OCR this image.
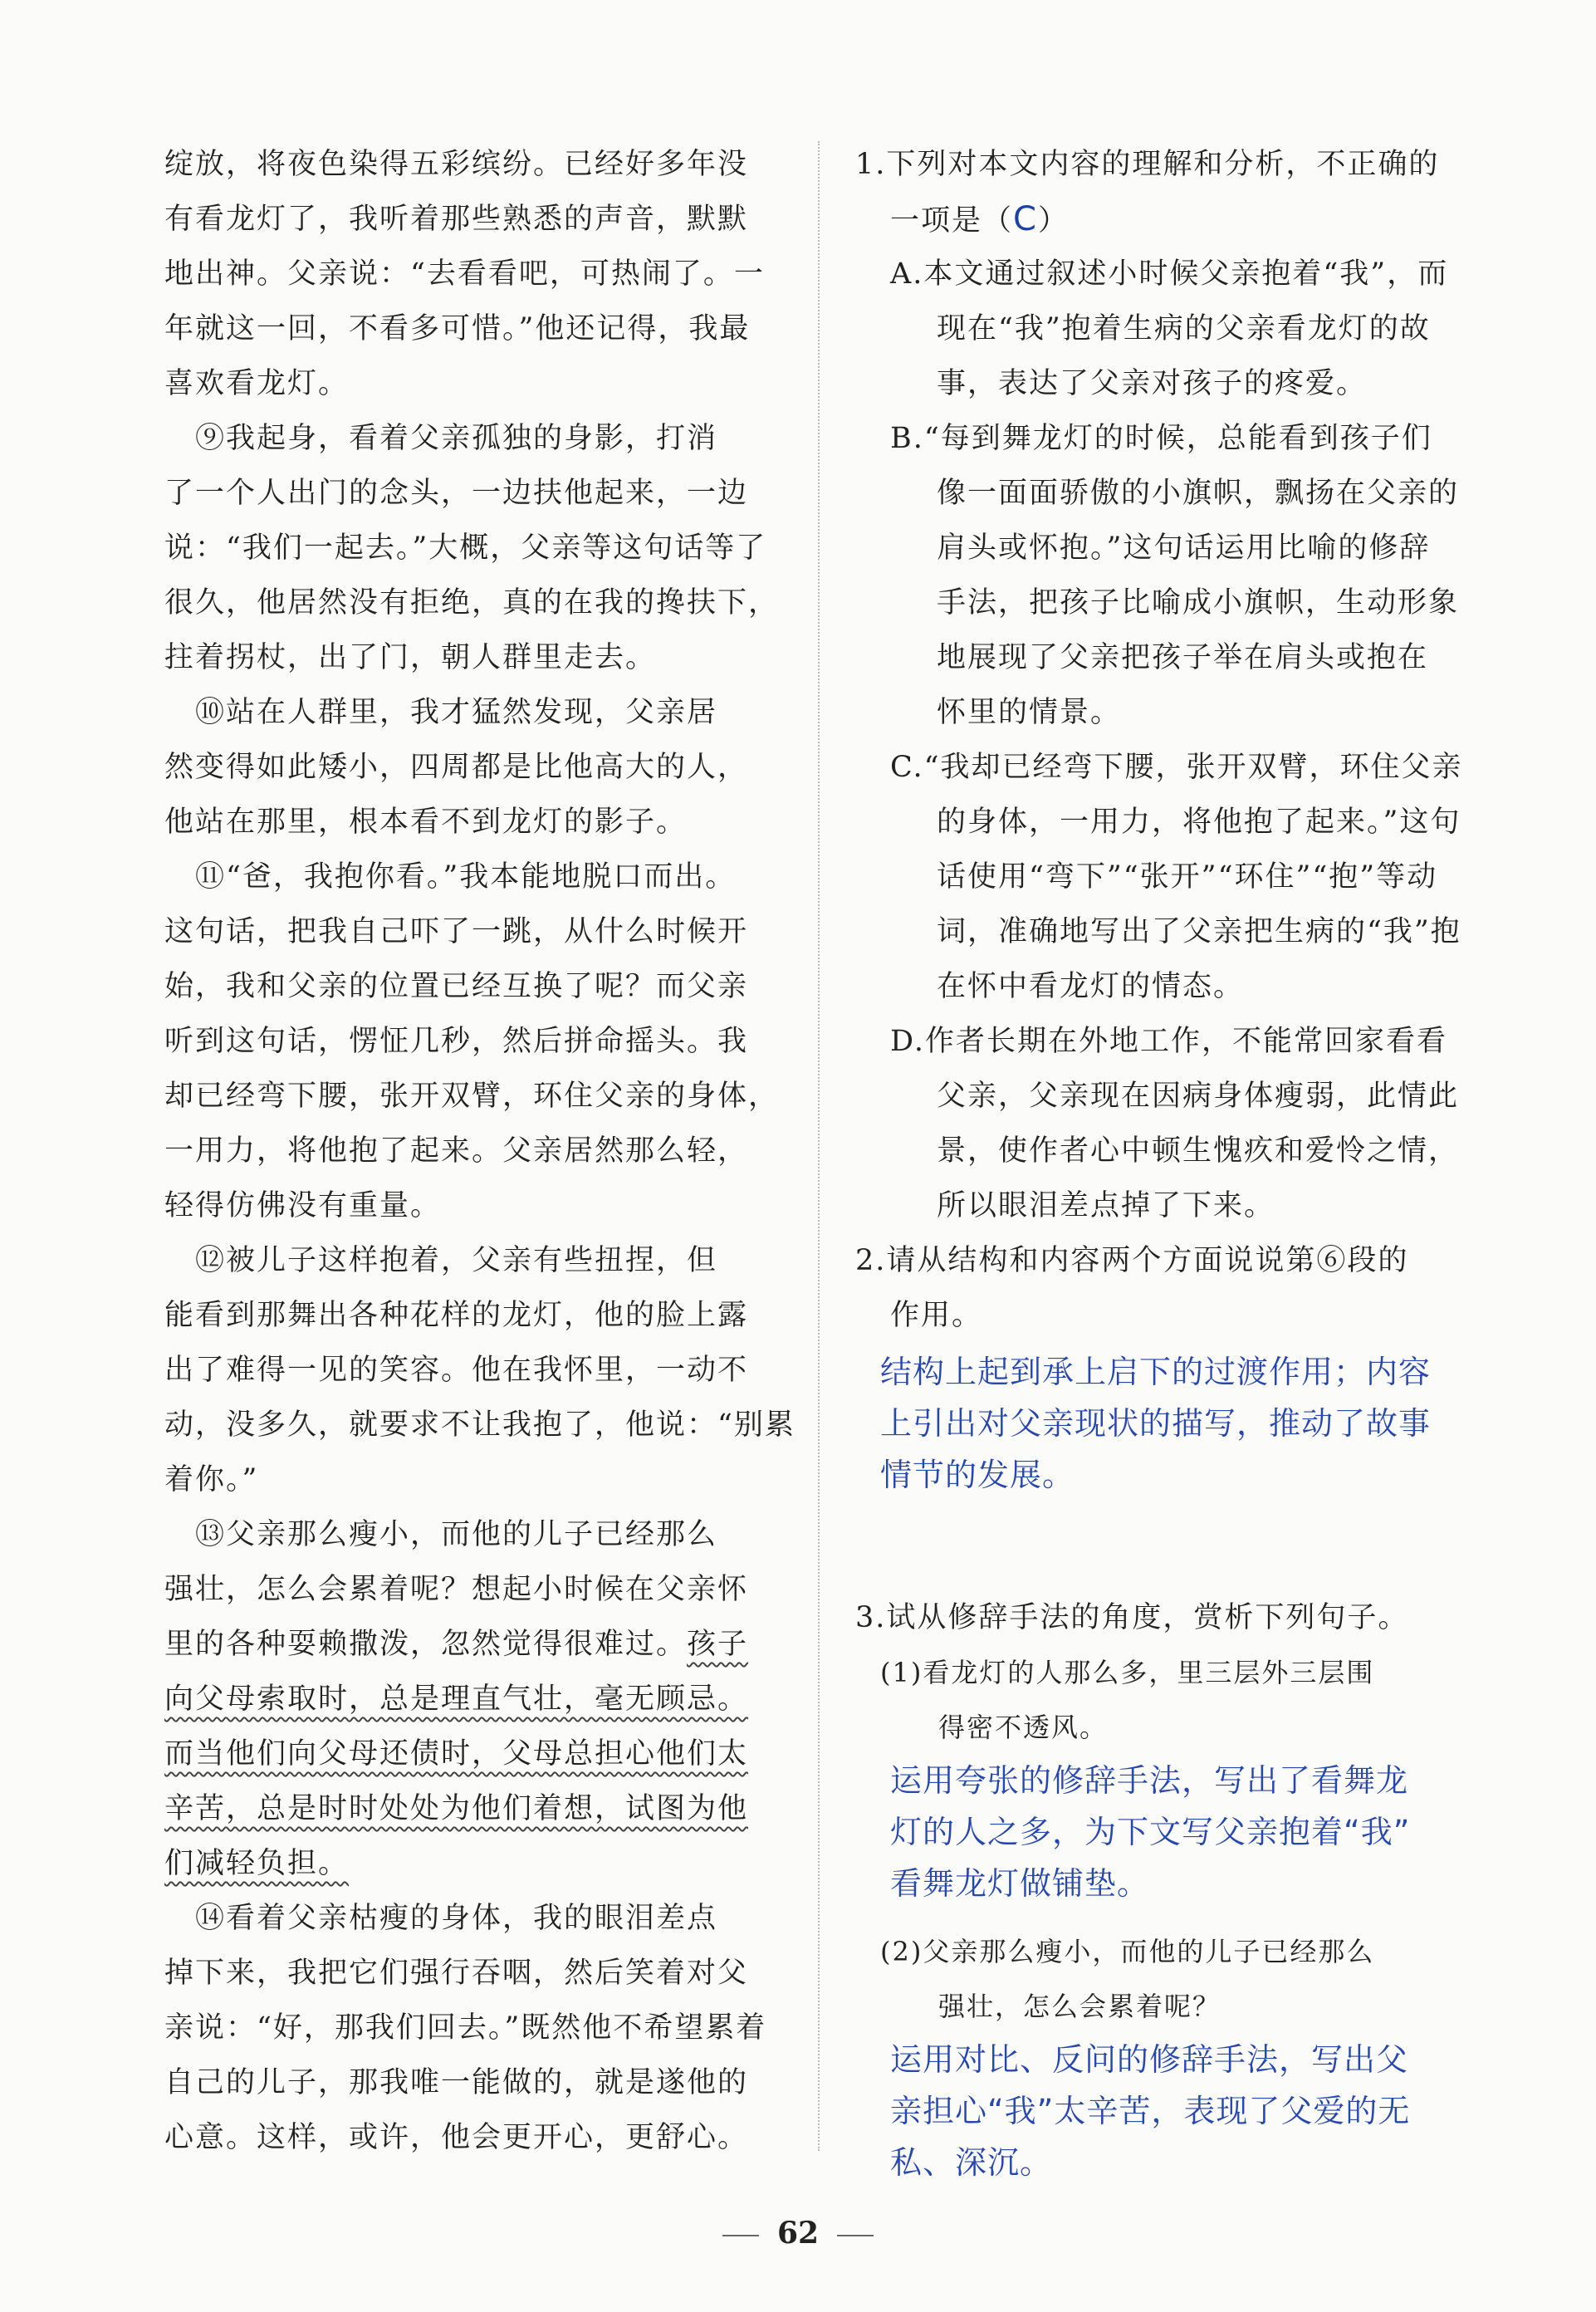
绽放，将夜色染得五彩缤纷。已经好多年没
有看龙灯了，我听着那些熟悉的声音，默默
地出神。父亲说：“去看看吧，可热闹了。一
年就这一回，不看多可惜。”他还记得，我最
喜欢看龙灯。
　⑨我起身，看着父亲孤独的身影，打消
了一个人出门的念头，一边扶他起来，一边
说：“我们一起去。”大概，父亲等这句话等了
很久，他居然没有拒绝，真的在我的搀扶下，
拄着拐杖，出了门，朝人群里走去。
　⑩站在人群里，我才猛然发现，父亲居
然变得如此矮小，四周都是比他高大的人，
他站在那里，根本看不到龙灯的影子。
　⑪“爸，我抱你看。”我本能地脱口而出。
这句话，把我自己吓了一跳，从什么时候开
始，我和父亲的位置已经互换了呢？而父亲
听到这句话，愣怔几秒，然后拼命摇头。我
却已经弯下腰，张开双臂，环住父亲的身体，
一用力，将他抱了起来。父亲居然那么轻，
轻得仿佛没有重量。
　⑫被儿子这样抱着，父亲有些扭捏，但
能看到那舞出各种花样的龙灯，他的脸上露
出了难得一见的笑容。他在我怀里，一动不
动，没多久，就要求不让我抱了，他说：“别累
着你。”
　⑬父亲那么瘦小，而他的儿子已经那么
强壮，怎么会累着呢？想起小时候在父亲怀
里的各种耍赖撒泼，忽然觉得很难过。孩子
向父母索取时，总是理直气壮，毫无顾忌。
而当他们向父母还债时，父母总担心他们太
辛苦，总是时时处处为他们着想，试图为他
们减轻负担。
　⑭看着父亲枯瘦的身体，我的眼泪差点
掉下来，我把它们强行吞咽，然后笑着对父
亲说：“好，那我们回去。”既然他不希望累着
自己的儿子，那我唯一能做的，就是遂他的
心意。这样，或许，他会更开心，更舒心。
1.下列对本文内容的理解和分析，不正确的
一项是（C）
A.本文通过叙述小时候父亲抱着“我”，而
现在“我”抱着生病的父亲看龙灯的故
事，表达了父亲对孩子的疼爱。
B.“每到舞龙灯的时候，总能看到孩子们
像一面面骄傲的小旗帜，飘扬在父亲的
肩头或怀抱。”这句话运用比喻的修辞
手法，把孩子比喻成小旗帜，生动形象
地展现了父亲把孩子举在肩头或抱在
怀里的情景。
C.“我却已经弯下腰，张开双臂，环住父亲
的身体，一用力，将他抱了起来。”这句
话使用“弯下”“张开”“环住”“抱”等动
词，准确地写出了父亲把生病的“我”抱
在怀中看龙灯的情态。
D.作者长期在外地工作，不能常回家看看
父亲，父亲现在因病身体瘦弱，此情此
景，使作者心中顿生愧疚和爱怜之情，
所以眼泪差点掉了下来。
2.请从结构和内容两个方面说说第⑥段的
作用。
结构上起到承上启下的过渡作用；内容
上引出对父亲现状的描写，推动了故事
情节的发展。
3.试从修辞手法的角度，赏析下列句子。
(1)看龙灯的人那么多，里三层外三层围
得密不透风。
运用夸张的修辞手法，写出了看舞龙
灯的人之多，为下文写父亲抱着“我”
看舞龙灯做铺垫。
(2)父亲那么瘦小，而他的儿子已经那么
强壮，怎么会累着呢？
运用对比、反问的修辞手法，写出父
亲担心“我”太辛苦，表现了父爱的无
私、深沉。
62
